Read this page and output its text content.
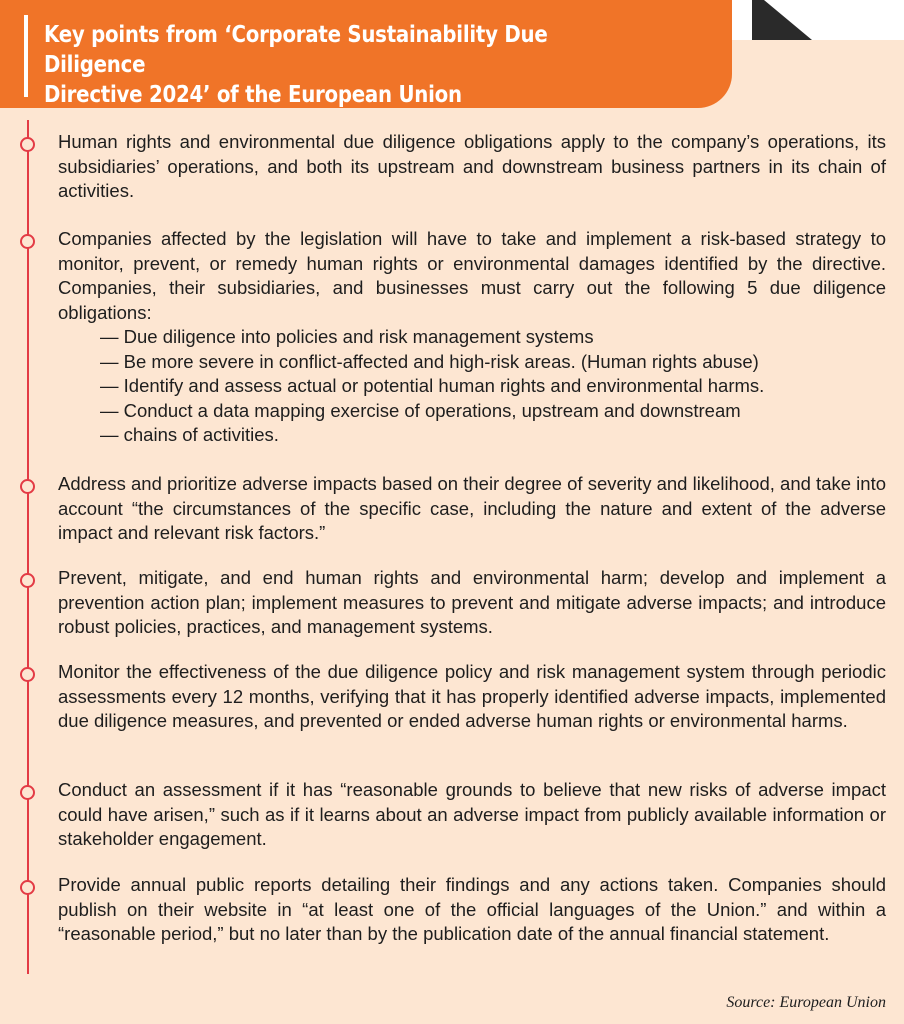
Key points from ‘Corporate Sustainability Due Diligence
Directive 2024’ of the European Union
Human rights and environmental due diligence obligations apply to the company’s operations, its subsidiaries’ operations, and both its upstream and downstream business partners in its chain of activities.
Companies affected by the legislation will have to take and implement a risk-based strategy to monitor, prevent, or remedy human rights or environmental damages identified by the directive. Companies, their subsidiaries, and businesses must carry out the following 5 due diligence obligations:
— Due diligence into policies and risk management systems
— Be more severe in conflict-affected and high-risk areas. (Human rights abuse)
— Identify and assess actual or potential human rights and environmental harms.
— Conduct a data mapping exercise of operations, upstream and downstream
— chains of activities.
Address and prioritize adverse impacts based on their degree of severity and likelihood, and take into account “the circumstances of the specific case, including the nature and extent of the adverse impact and relevant risk factors.”
Prevent, mitigate, and end human rights and environmental harm; develop and implement a prevention action plan; implement measures to prevent and mitigate adverse impacts; and introduce robust policies, practices, and management systems.
Monitor the effectiveness of the due diligence policy and risk management system through periodic assessments every 12 months, verifying that it has properly identified adverse impacts, implemented due diligence measures, and prevented or ended adverse human rights or environmental harms.
Conduct an assessment if it has “reasonable grounds to believe that new risks of adverse impact could have arisen,” such as if it learns about an adverse impact from publicly available information or stakeholder engagement.
Provide annual public reports detailing their findings and any actions taken. Companies should publish on their website in “at least one of the official languages of the Union.” and within a “reasonable period,” but no later than by the publication date of the annual financial statement.
Source: European Union
